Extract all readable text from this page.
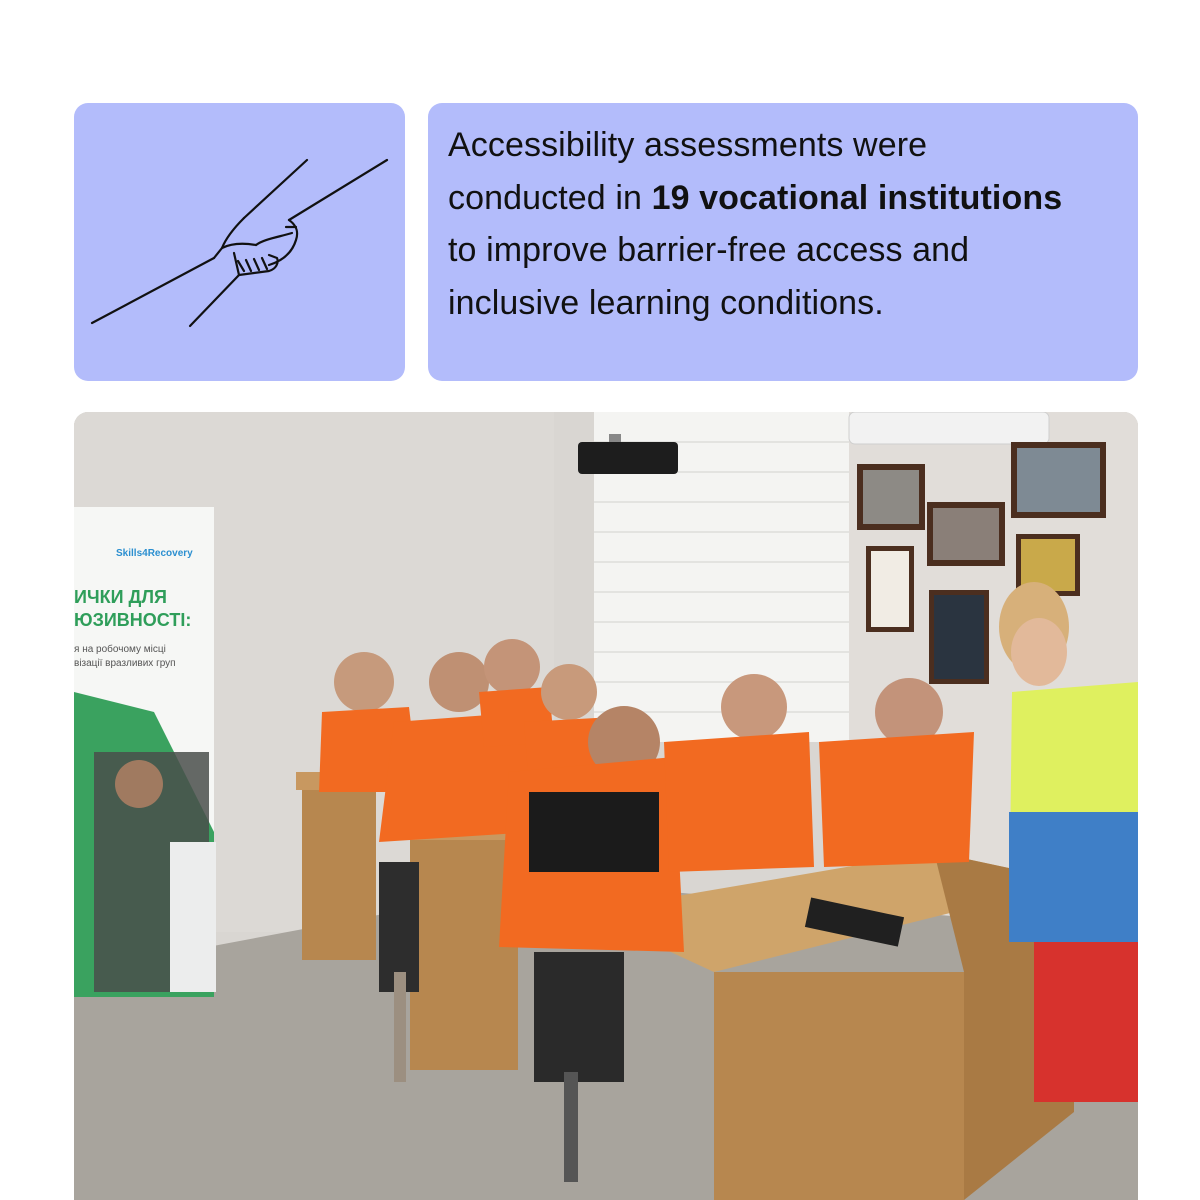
Accessibility assessments were conducted in 19 vocational institutions to improve barrier-free access and inclusive learning conditions.

Skills4Recovery
ИЧКИ ДЛЯ
ЮЗИВНОСТІ:
я на робочому місці
візації вразливих груп
